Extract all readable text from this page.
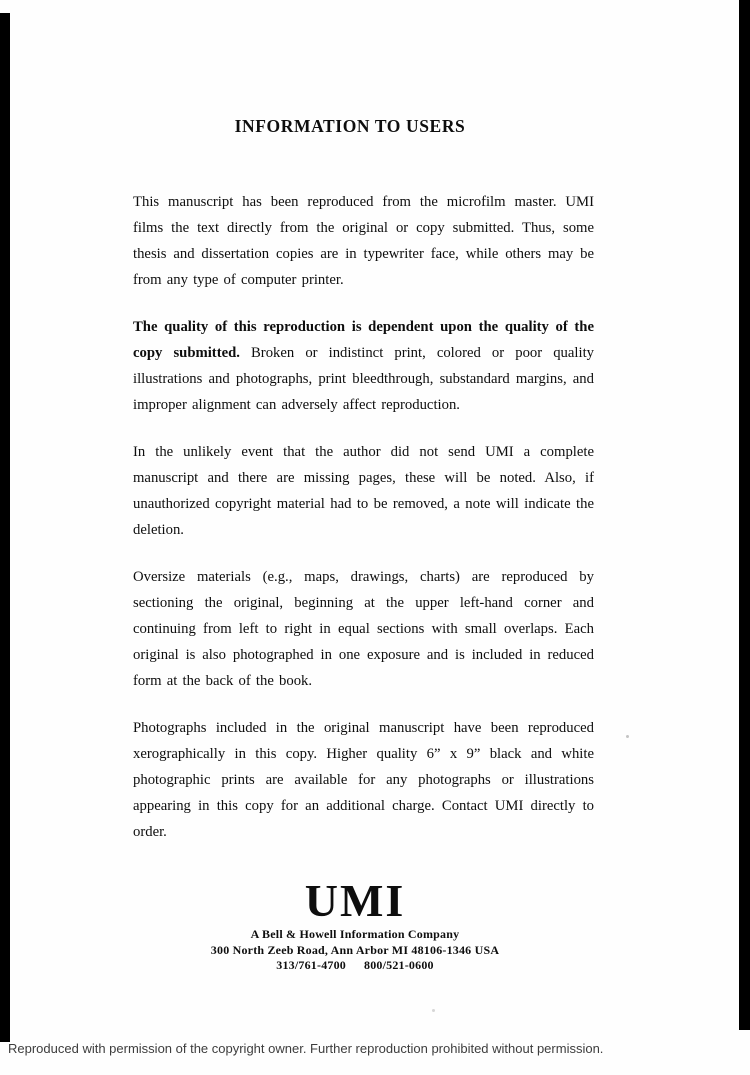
INFORMATION TO USERS

This manuscript has been reproduced from the microfilm master. UMI films the text directly from the original or copy submitted. Thus, some thesis and dissertation copies are in typewriter face, while others may be from any type of computer printer.

The quality of this reproduction is dependent upon the quality of the copy submitted. Broken or indistinct print, colored or poor quality illustrations and photographs, print bleedthrough, substandard margins, and improper alignment can adversely affect reproduction.

In the unlikely event that the author did not send UMI a complete manuscript and there are missing pages, these will be noted. Also, if unauthorized copyright material had to be removed, a note will indicate the deletion.

Oversize materials (e.g., maps, drawings, charts) are reproduced by sectioning the original, beginning at the upper left-hand corner and continuing from left to right in equal sections with small overlaps. Each original is also photographed in one exposure and is included in reduced form at the back of the book.

Photographs included in the original manuscript have been reproduced xerographically in this copy. Higher quality 6” x 9” black and white photographic prints are available for any photographs or illustrations appearing in this copy for an additional charge. Contact UMI directly to order.

UMI
A Bell & Howell Information Company
300 North Zeeb Road, Ann Arbor MI 48106-1346 USA
313/761-4700 800/521-0600
Reproduced with permission of the copyright owner. Further reproduction prohibited without permission.
